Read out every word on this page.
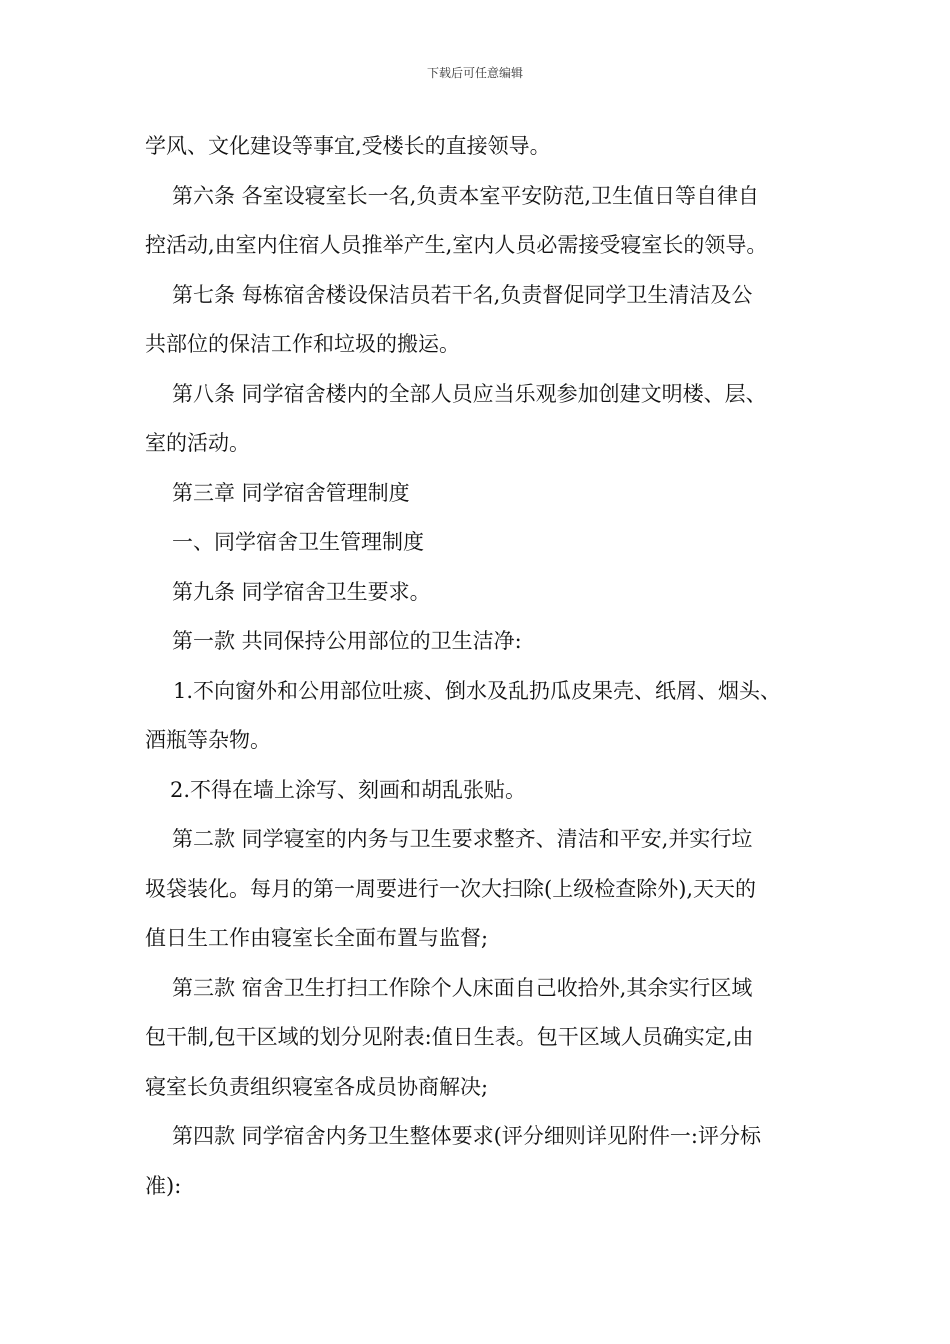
下载后可任意编辑

学风、文化建设等事宜,受楼长的直接领导。

第六条 各室设寝室长一名,负责本室平安防范,卫生值日等自律自

控活动,由室内住宿人员推举产生,室内人员必需接受寝室长的领导。

第七条 每栋宿舍楼设保洁员若干名,负责督促同学卫生清洁及公

共部位的保洁工作和垃圾的搬运。

第八条 同学宿舍楼内的全部人员应当乐观参加创建文明楼、层、

室的活动。

第三章 同学宿舍管理制度

一、同学宿舍卫生管理制度

第九条 同学宿舍卫生要求。

第一款 共同保持公用部位的卫生洁净:

1.不向窗外和公用部位吐痰、倒水及乱扔瓜皮果壳、纸屑、烟头、

酒瓶等杂物。

2.不得在墙上涂写、刻画和胡乱张贴。

第二款 同学寝室的内务与卫生要求整齐、清洁和平安,并实行垃

圾袋装化。每月的第一周要进行一次大扫除(上级检查除外),天天的

值日生工作由寝室长全面布置与监督;

第三款 宿舍卫生打扫工作除个人床面自己收拾外,其余实行区域

包干制,包干区域的划分见附表:值日生表。包干区域人员确实定,由

寝室长负责组织寝室各成员协商解决;

第四款 同学宿舍内务卫生整体要求(评分细则详见附件一:评分标

准):
